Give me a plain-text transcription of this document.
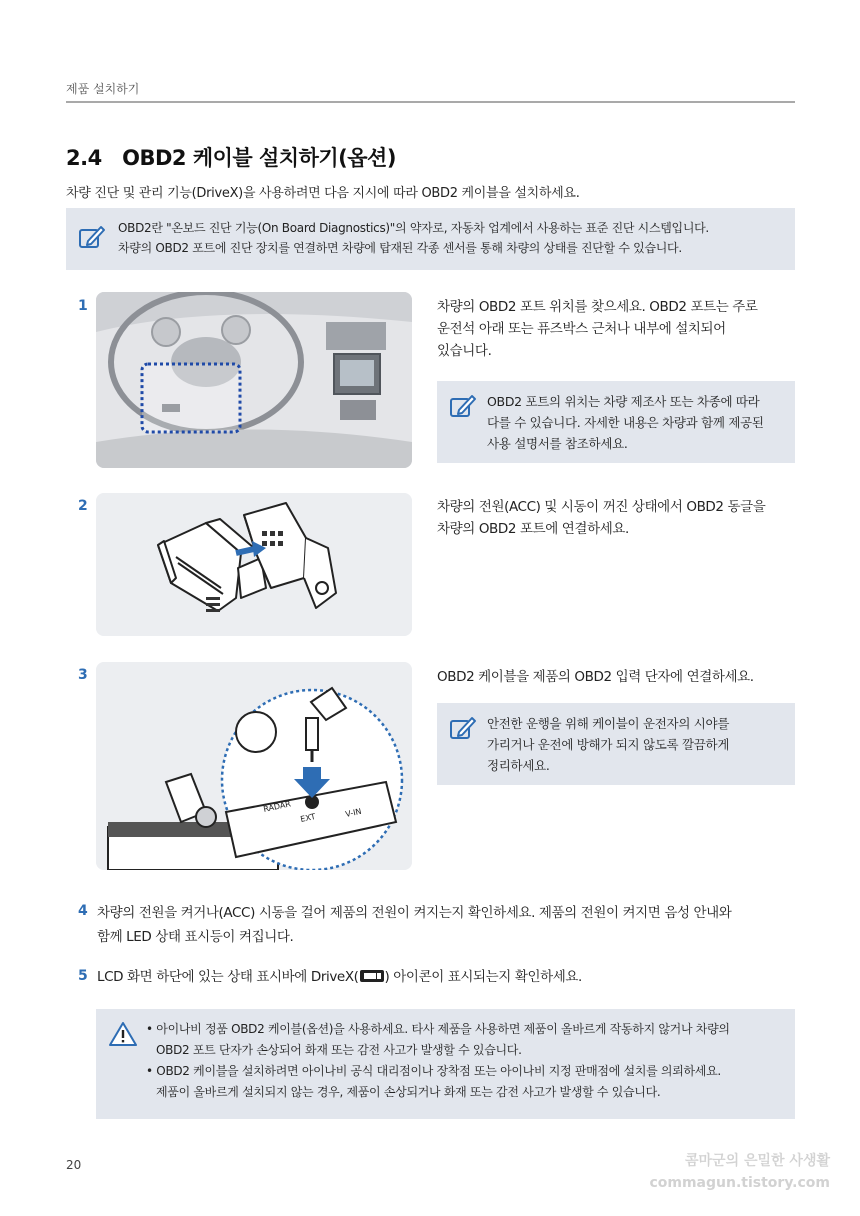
제품 설치하기
2.4   OBD2 케이블 설치하기(옵션)
차량 진단 및 관리 기능(DriveX)을 사용하려면 다음 지시에 따라 OBD2 케이블을 설치하세요.
OBD2란 "온보드 진단 기능(On Board Diagnostics)"의 약자로, 자동차 업계에서 사용하는 표준 진단 시스템입니다.
차량의 OBD2 포트에 진단 장치를 연결하면 차량에 탑재된 각종 센서를 통해 차량의 상태를 진단할 수 있습니다.
1	차량의 OBD2 포트 위치를 찾으세요. OBD2 포트는 주로
운전석 아래 또는 퓨즈박스 근처나 내부에 설치되어
있습니다.
OBD2 포트의 위치는 차량 제조사 또는 차종에 따라
다를 수 있습니다. 자세한 내용은 차량과 함께 제공된
사용 설명서를 참조하세요.
2	차량의 전원(ACC) 및 시동이 꺼진 상태에서 OBD2 동글을
차량의 OBD2 포트에 연결하세요.
3
RADAR
EXT	V-IN
OBD2 케이블을 제품의 OBD2 입력 단자에 연결하세요.
안전한 운행을 위해 케이블이 운전자의 시야를
가리거나 운전에 방해가 되지 않도록 깔끔하게
정리하세요.
4 차량의 전원을 켜거나(ACC) 시동을 걸어 제품의 전원이 켜지는지 확인하세요. 제품의 전원이 켜지면 음성 안내와
함께 LED 상태 표시등이 켜집니다.
5 LCD 화면 하단에 있는 상태 표시바에 DriveX( ) 아이콘이 표시되는지 확인하세요.
• 아이나비 정품 OBD2 케이블(옵션)을 사용하세요. 타사 제품을 사용하면 제품이 올바르게 작동하지 않거나 차량의
OBD2 포트 단자가 손상되어 화재 또는 감전 사고가 발생할 수 있습니다.
• OBD2 케이블을 설치하려면 아이나비 공식 대리점이나 장착점 또는 아이나비 지정 판매점에 설치를 의뢰하세요.
제품이 올바르게 설치되지 않는 경우, 제품이 손상되거나 화재 또는 감전 사고가 발생할 수 있습니다.
20	콤마군의 은밀한 사생활
commagun.tistory.com
